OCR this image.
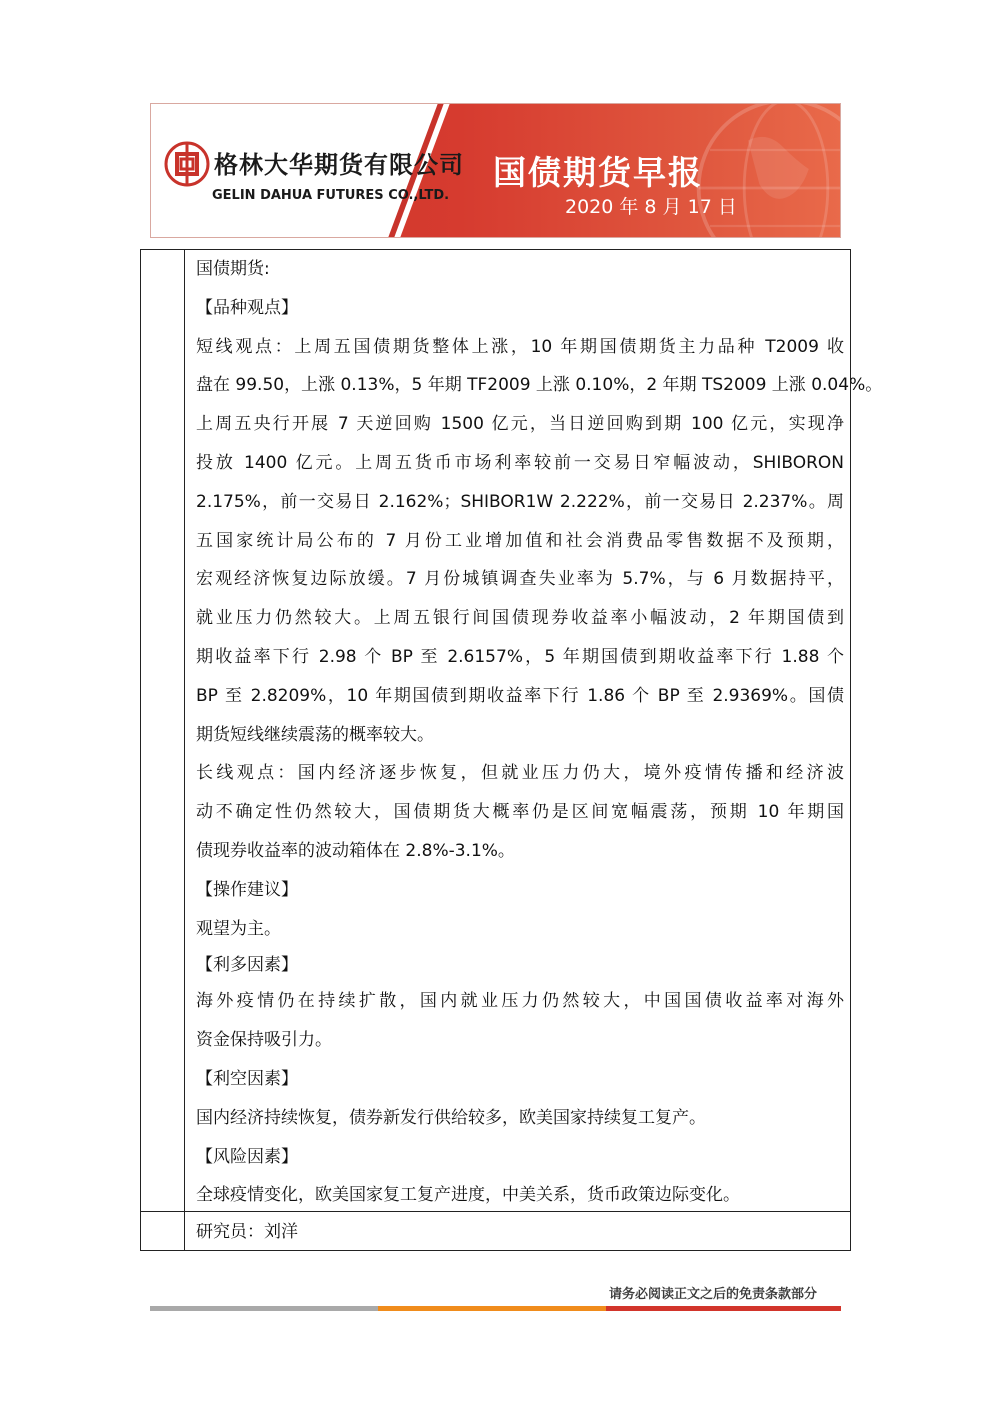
格林大华期货有限公司
GELIN DAHUA FUTURES CO.,LTD.
国债期货早报
2020 年 8 月 17 日
国债期货:
【品种观点】
短线观点：上周五国债期货整体上涨，10 年期国债期货主力品种 T2009 收
盘在 99.50，上涨 0.13%，5 年期 TF2009 上涨 0.10%，2 年期 TS2009 上涨 0.04%。
上周五央行开展 7 天逆回购 1500 亿元，当日逆回购到期 100 亿元，实现净
投放 1400 亿元。上周五货币市场利率较前一交易日窄幅波动，SHIBORON
2.175%，前一交易日 2.162%；SHIBOR1W 2.222%，前一交易日 2.237%。周
五国家统计局公布的 7 月份工业增加值和社会消费品零售数据不及预期，
宏观经济恢复边际放缓。7 月份城镇调查失业率为 5.7%，与 6 月数据持平，
就业压力仍然较大。上周五银行间国债现券收益率小幅波动，2 年期国债到
期收益率下行 2.98 个 BP 至 2.6157%，5 年期国债到期收益率下行 1.88 个
BP 至 2.8209%，10 年期国债到期收益率下行 1.86 个 BP 至 2.9369%。国债
期货短线继续震荡的概率较大。
长线观点：国内经济逐步恢复，但就业压力仍大，境外疫情传播和经济波
动不确定性仍然较大，国债期货大概率仍是区间宽幅震荡，预期 10 年期国
债现券收益率的波动箱体在 2.8%-3.1%。
【操作建议】
观望为主。
【利多因素】
海外疫情仍在持续扩散，国内就业压力仍然较大，中国国债收益率对海外
资金保持吸引力。
【利空因素】
国内经济持续恢复，债券新发行供给较多，欧美国家持续复工复产。
【风险因素】
全球疫情变化，欧美国家复工复产进度，中美关系，货币政策边际变化。
研究员：刘洋
请务必阅读正文之后的免责条款部分
